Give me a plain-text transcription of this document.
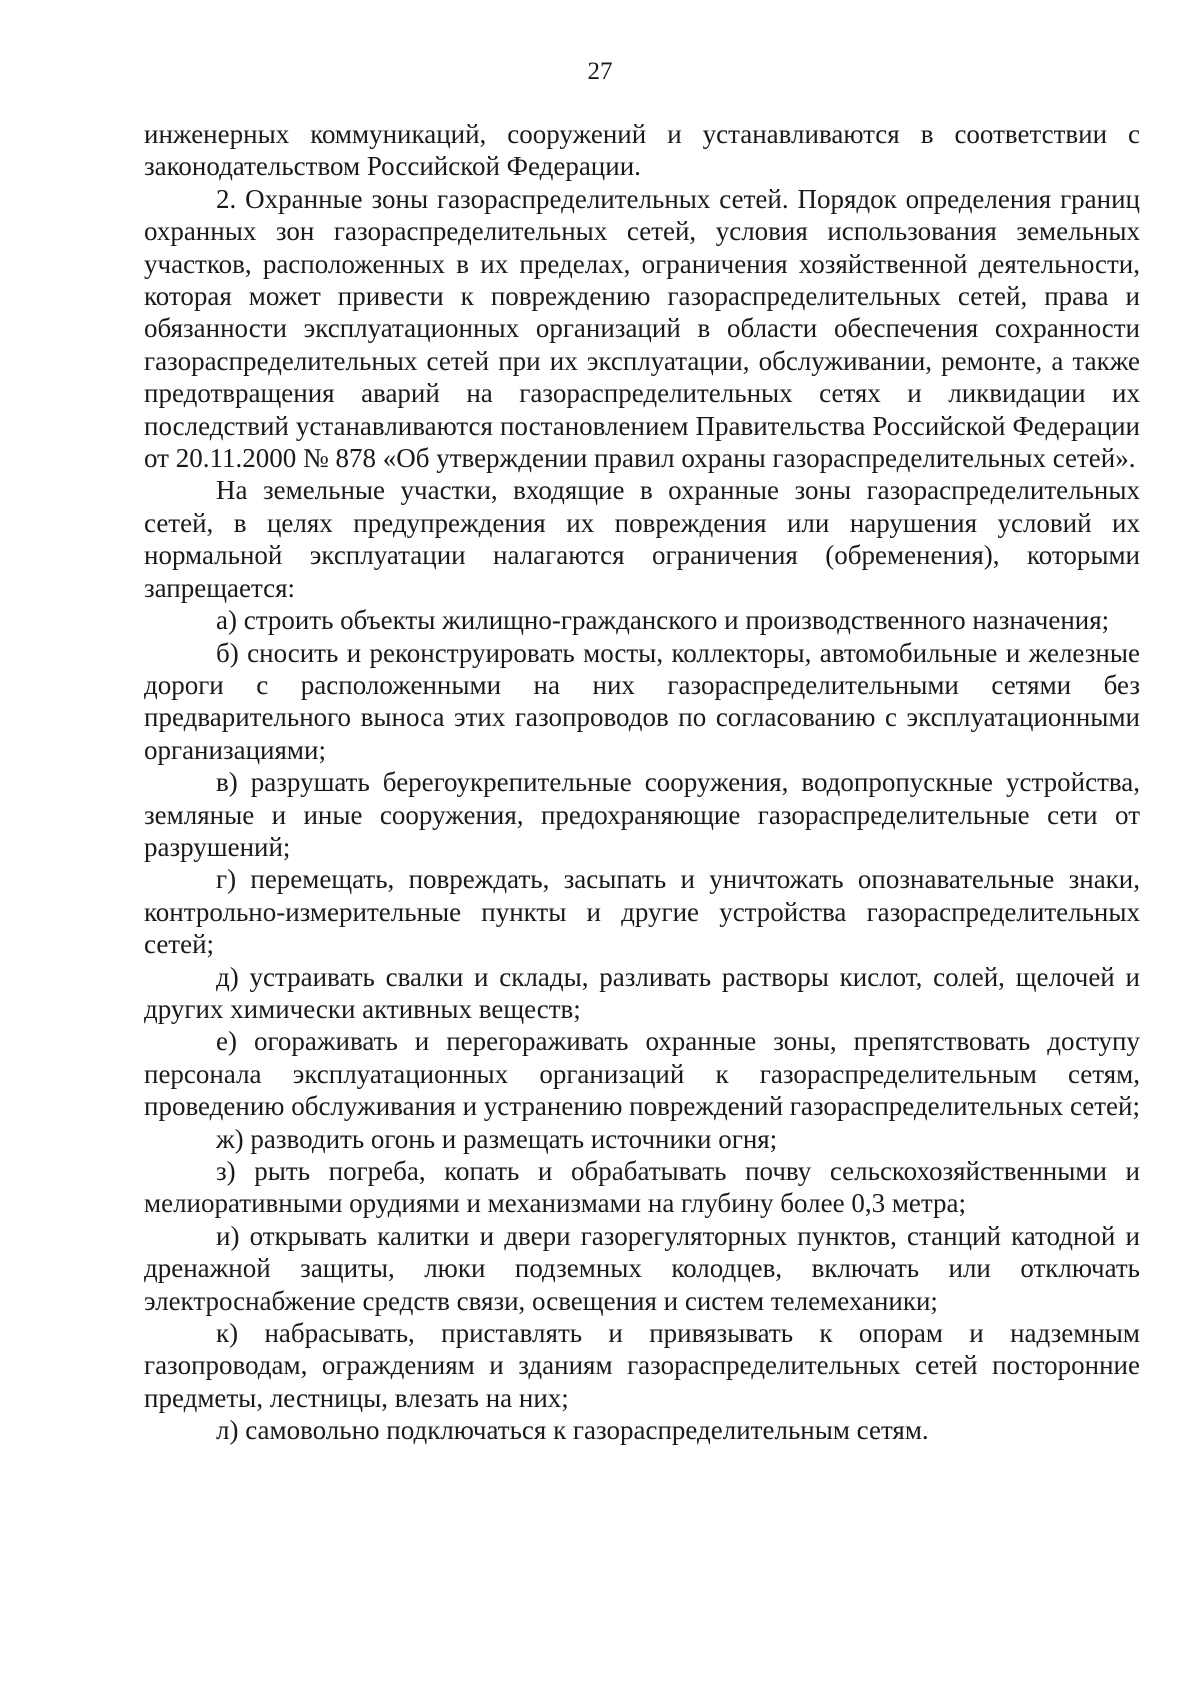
27

инженерных коммуникаций, сооружений и устанавливаются в соответствии с законодательством Российской Федерации.

2. Охранные зоны газораспределительных сетей. Порядок определения границ охранных зон газораспределительных сетей, условия использования земельных участков, расположенных в их пределах, ограничения хозяйственной деятельности, которая может привести к повреждению газораспределительных сетей, права и обязанности эксплуатационных организаций в области обеспечения сохранности газораспределительных сетей при их эксплуатации, обслуживании, ремонте, а также предотвращения аварий на газораспределительных сетях и ликвидации их последствий устанавливаются постановлением Правительства Российской Федерации от 20.11.2000 № 878 «Об утверждении правил охраны газораспределительных сетей».

На земельные участки, входящие в охранные зоны газораспределительных сетей, в целях предупреждения их повреждения или нарушения условий их нормальной эксплуатации налагаются ограничения (обременения), которыми запрещается:

а) строить объекты жилищно-гражданского и производственного назначения;

б) сносить и реконструировать мосты, коллекторы, автомобильные и железные дороги с расположенными на них газораспределительными сетями без предварительного выноса этих газопроводов по согласованию с эксплуатационными организациями;

в) разрушать берегоукрепительные сооружения, водопропускные устройства, земляные и иные сооружения, предохраняющие газораспределительные сети от разрушений;

г) перемещать, повреждать, засыпать и уничтожать опознавательные знаки, контрольно-измерительные пункты и другие устройства газораспределительных сетей;

д) устраивать свалки и склады, разливать растворы кислот, солей, щелочей и других химически активных веществ;

е) огораживать и перегораживать охранные зоны, препятствовать доступу персонала эксплуатационных организаций к газораспределительным сетям, проведению обслуживания и устранению повреждений газораспределительных сетей;

ж) разводить огонь и размещать источники огня;

з) рыть погреба, копать и обрабатывать почву сельскохозяйственными и мелиоративными орудиями и механизмами на глубину более 0,3 метра;

и) открывать калитки и двери газорегуляторных пунктов, станций катодной и дренажной защиты, люки подземных колодцев, включать или отключать электроснабжение средств связи, освещения и систем телемеханики;

к) набрасывать, приставлять и привязывать к опорам и надземным газопроводам, ограждениям и зданиям газораспределительных сетей посторонние предметы, лестницы, влезать на них;

л) самовольно подключаться к газораспределительным сетям.
